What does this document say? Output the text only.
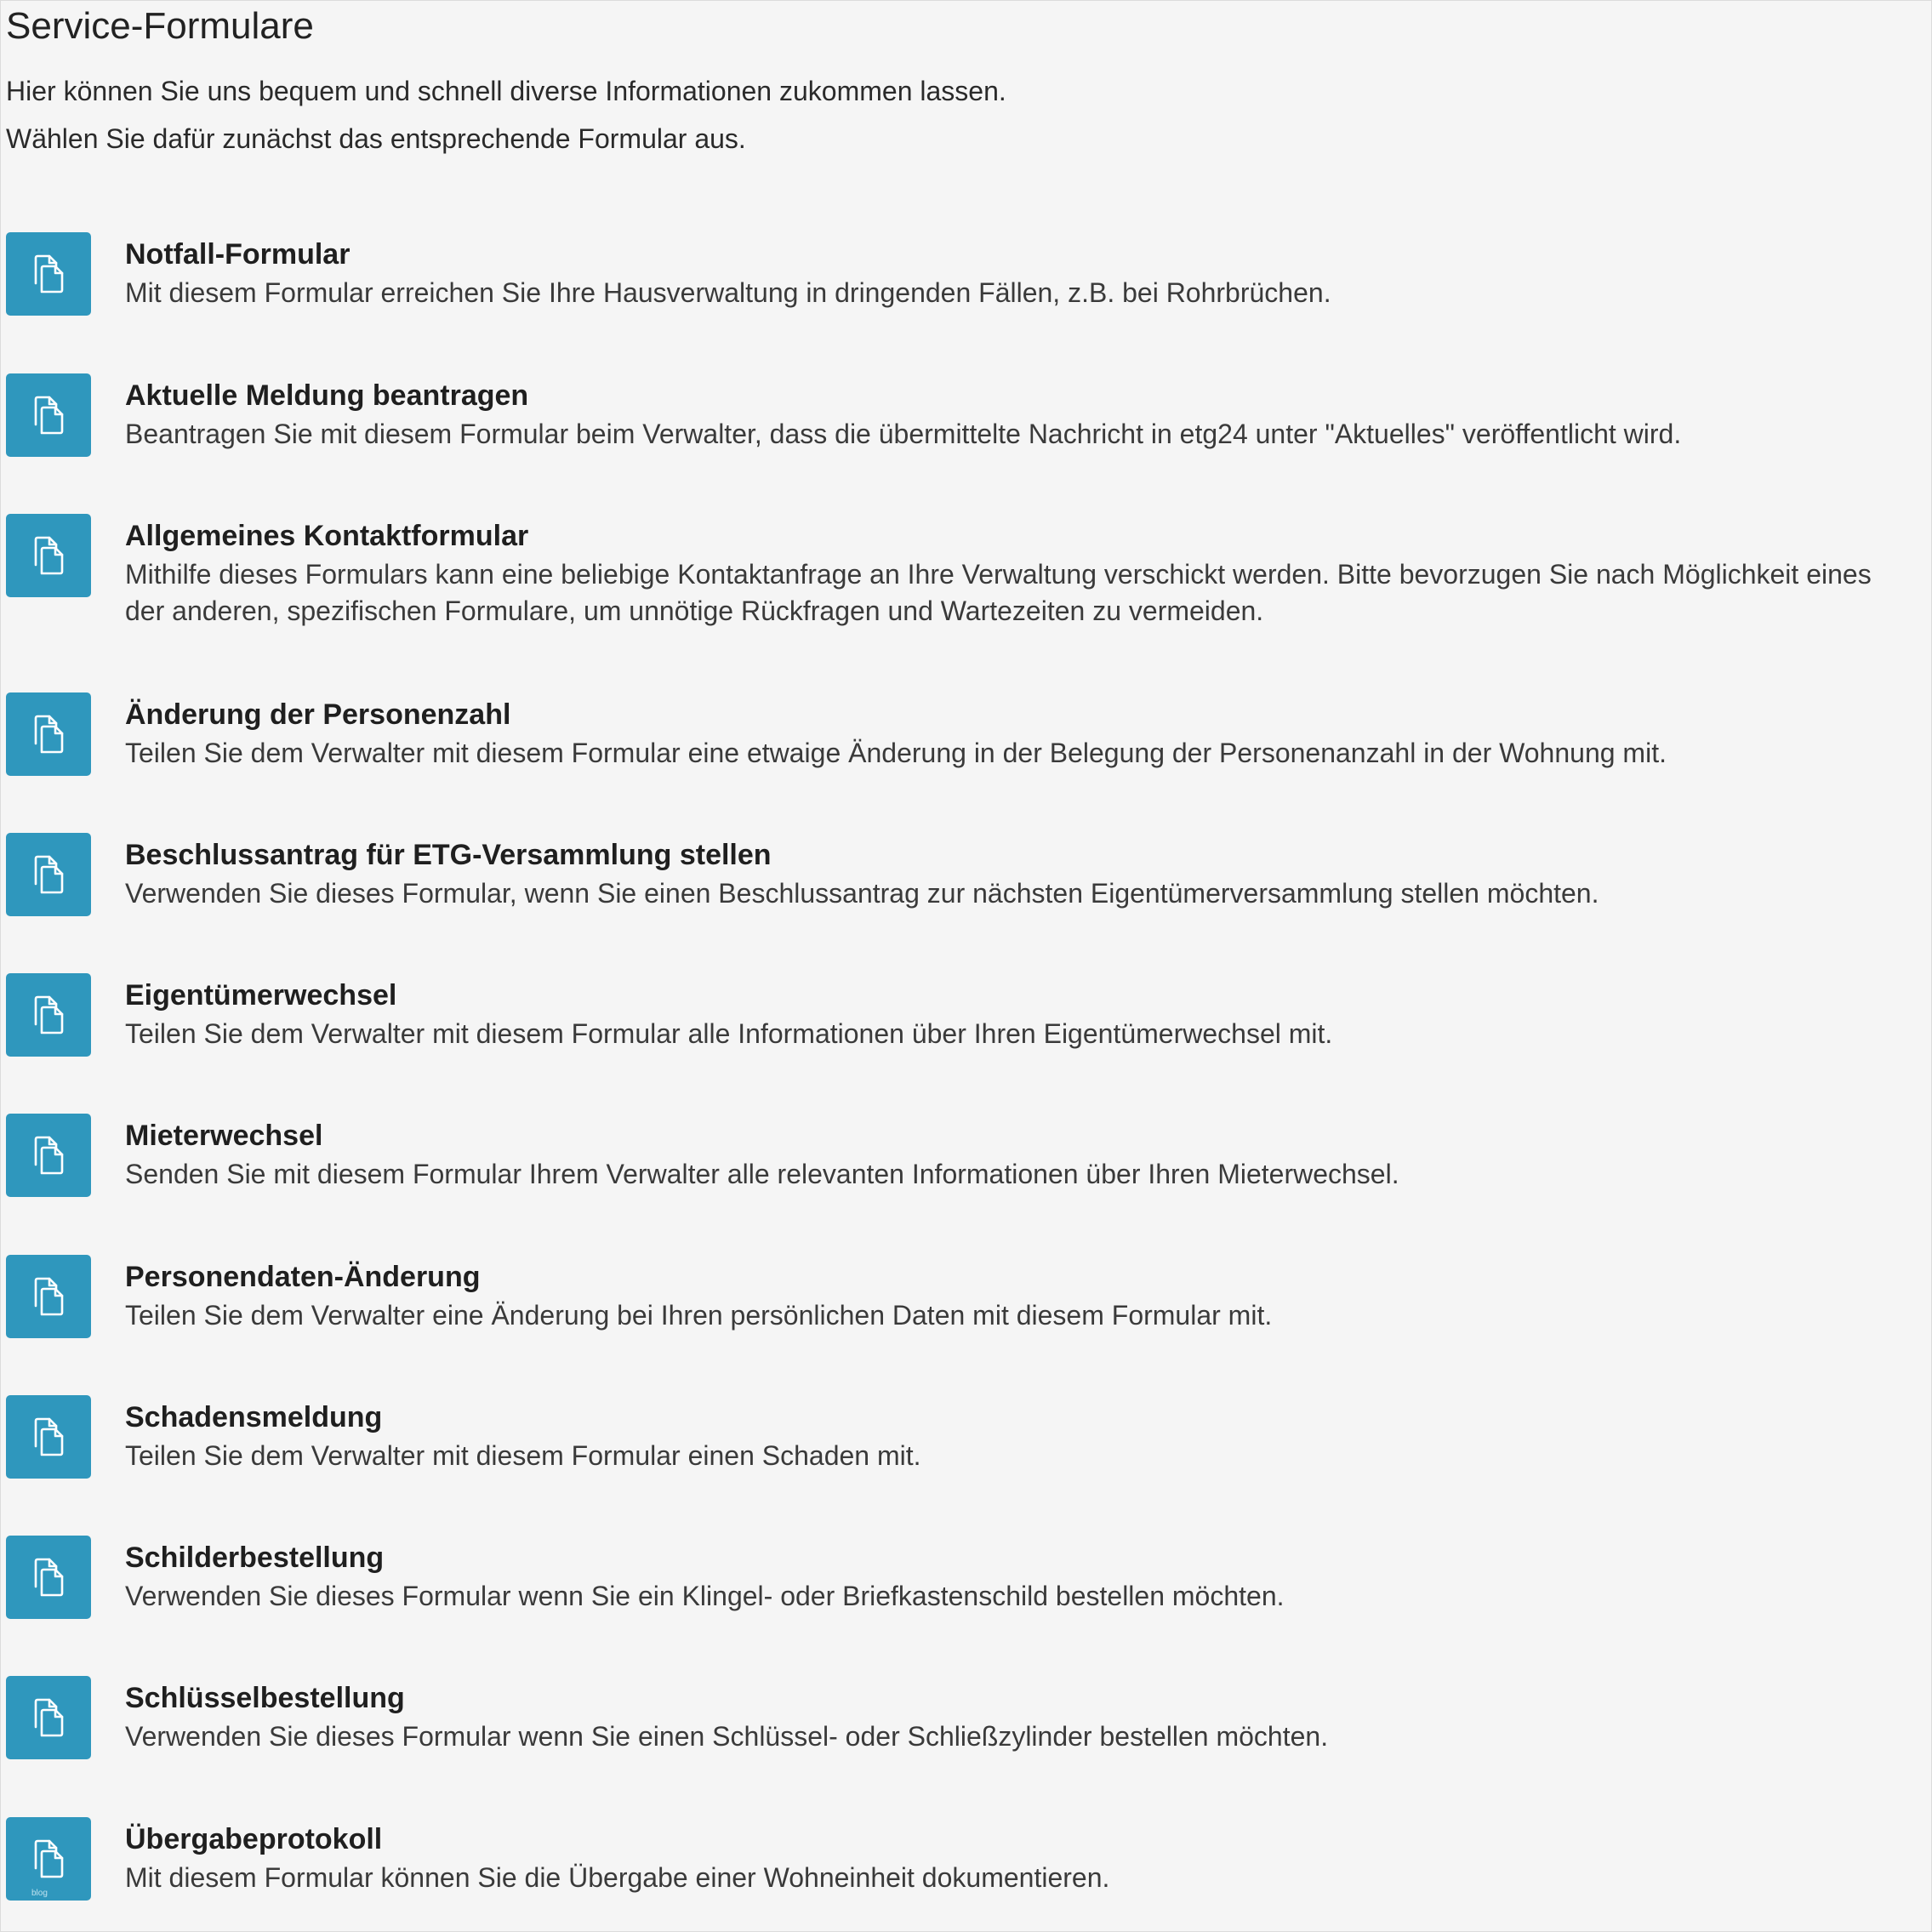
Service-Formulare
Hier können Sie uns bequem und schnell diverse Informationen zukommen lassen.
Wählen Sie dafür zunächst das entsprechende Formular aus.
Notfall-Formular
Mit diesem Formular erreichen Sie Ihre Hausverwaltung in dringenden Fällen, z.B. bei Rohrbrüchen.
Aktuelle Meldung beantragen
Beantragen Sie mit diesem Formular beim Verwalter, dass die übermittelte Nachricht in etg24 unter "Aktuelles" veröffentlicht wird.
Allgemeines Kontaktformular
Mithilfe dieses Formulars kann eine beliebige Kontaktanfrage an Ihre Verwaltung verschickt werden. Bitte bevorzugen Sie nach Möglichkeit eines der anderen, spezifischen Formulare, um unnötige Rückfragen und Wartezeiten zu vermeiden.
Änderung der Personenzahl
Teilen Sie dem Verwalter mit diesem Formular eine etwaige Änderung in der Belegung der Personenanzahl in der Wohnung mit.
Beschlussantrag für ETG-Versammlung stellen
Verwenden Sie dieses Formular, wenn Sie einen Beschlussantrag zur nächsten Eigentümerversammlung stellen möchten.
Eigentümerwechsel
Teilen Sie dem Verwalter mit diesem Formular alle Informationen über Ihren Eigentümerwechsel mit.
Mieterwechsel
Senden Sie mit diesem Formular Ihrem Verwalter alle relevanten Informationen über Ihren Mieterwechsel.
Personendaten-Änderung
Teilen Sie dem Verwalter eine Änderung bei Ihren persönlichen Daten mit diesem Formular mit.
Schadensmeldung
Teilen Sie dem Verwalter mit diesem Formular einen Schaden mit.
Schilderbestellung
Verwenden Sie dieses Formular wenn Sie ein Klingel- oder Briefkastenschild bestellen möchten.
Schlüsselbestellung
Verwenden Sie dieses Formular wenn Sie einen Schlüssel- oder Schließzylinder bestellen möchten.
blog
Übergabeprotokoll
Mit diesem Formular können Sie die Übergabe einer Wohneinheit dokumentieren.
